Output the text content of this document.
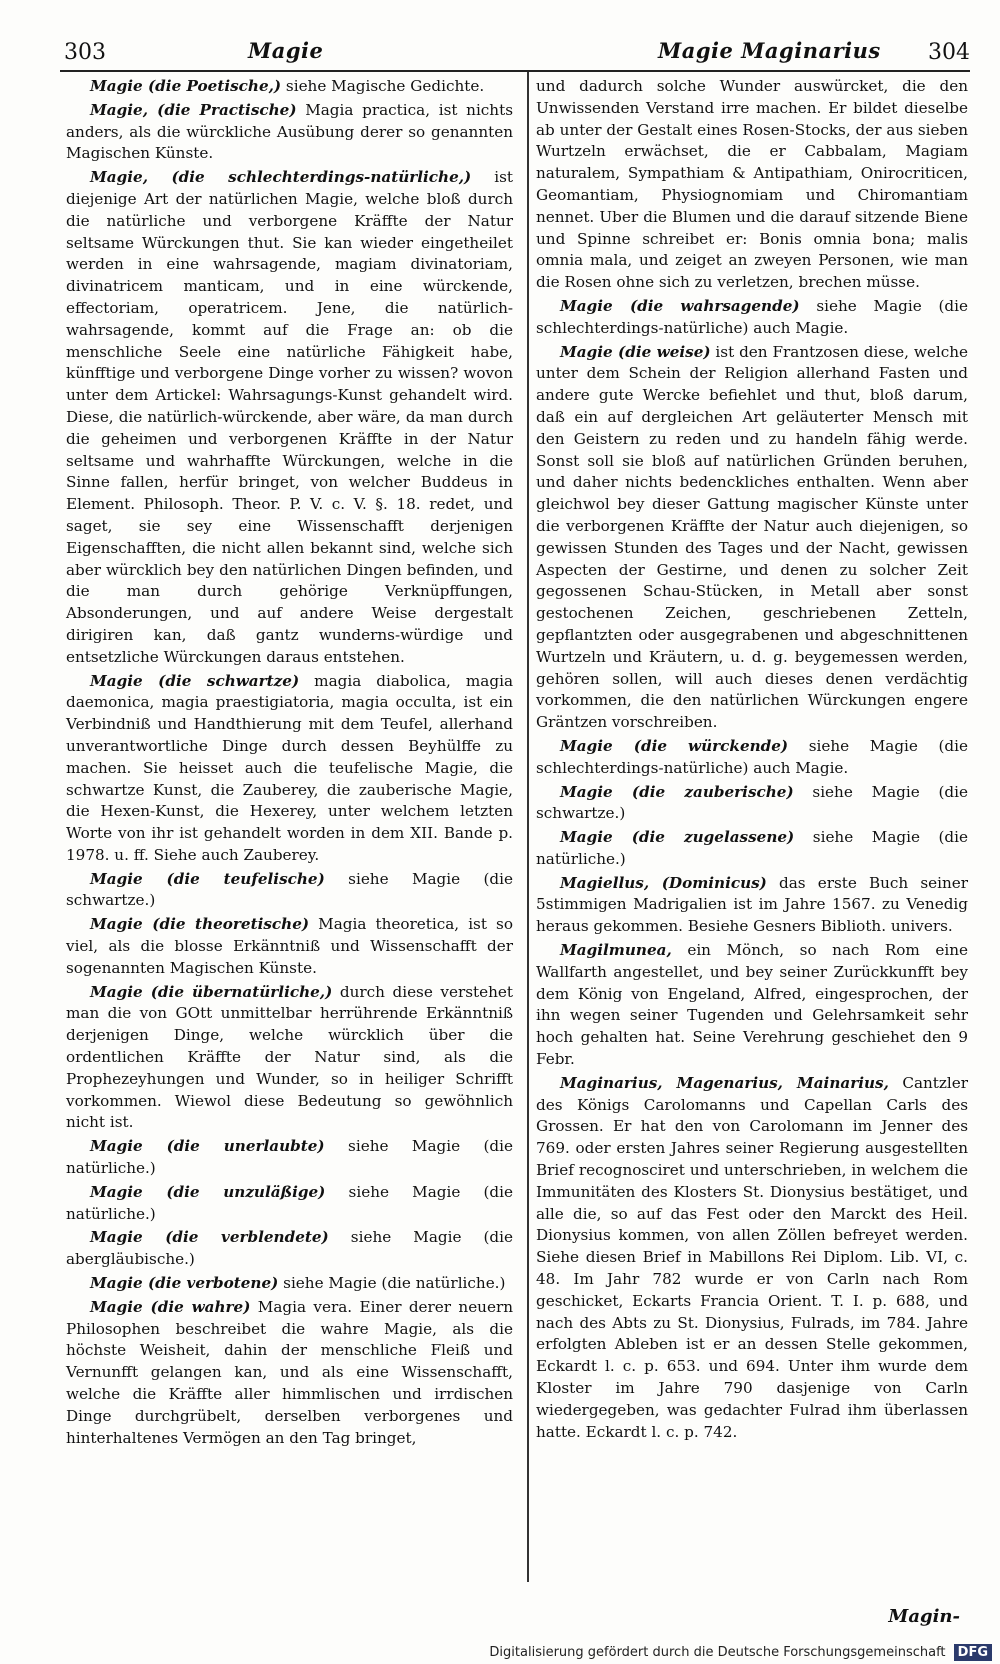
303	Magie	Magie Maginarius 304

Magie (die Poetische,) siehe Magische Gedichte.

Magie, (die Practische) Magia practica, ist nichts anders, als die würckliche Ausübung derer so genannten Magischen Künste.

Magie, (die schlechterdings-natürliche,) ist diejenige Art der natürlichen Magie, welche bloß durch die natürliche und verborgene Kräffte der Natur seltsame Würckungen thut. Sie kan wieder eingetheilet werden in eine wahrsagende, magiam divinatoriam, divinatricem manticam, und in eine würckende, effectoriam, operatricem. Jene, die natürlich-wahrsagende, kommt auf die Frage an: ob die menschliche Seele eine natürliche Fähigkeit habe, künfftige und verborgene Dinge vorher zu wissen? wovon unter dem Artickel: Wahrsagungs-Kunst gehandelt wird. Diese, die natürlich-würckende, aber wäre, da man durch die geheimen und verborgenen Kräffte in der Natur seltsame und wahrhaffte Würckungen, welche in die Sinne fallen, herfür bringet, von welcher Buddeus in Element. Philosoph. Theor. P. V. c. V. §. 18. redet, und saget, sie sey eine Wissenschafft derjenigen Eigenschafften, die nicht allen bekannt sind, welche sich aber würcklich bey den natürlichen Dingen befinden, und die man durch gehörige Verknüpffungen, Absonderungen, und auf andere Weise dergestalt dirigiren kan, daß gantz wunderns-würdige und entsetzliche Würckungen daraus entstehen.

Magie (die schwartze) magia diabolica, magia daemonica, magia praestigiatoria, magia occulta, ist ein Verbindniß und Handthierung mit dem Teufel, allerhand unverantwortliche Dinge durch dessen Beyhülffe zu machen. Sie heisset auch die teufelische Magie, die schwartze Kunst, die Zauberey, die zauberische Magie, die Hexen-Kunst, die Hexerey, unter welchem letzten Worte von ihr ist gehandelt worden in dem XII. Bande p. 1978. u. ff. Siehe auch Zauberey.

Magie (die teufelische) siehe Magie (die schwartze.)

Magie (die theoretische) Magia theoretica, ist so viel, als die blosse Erkänntniß und Wissenschafft der sogenannten Magischen Künste.

Magie (die übernatürliche,) durch diese verstehet man die von GOtt unmittelbar herrührende Erkänntniß derjenigen Dinge, welche würcklich über die ordentlichen Kräffte der Natur sind, als die Prophezeyhungen und Wunder, so in heiliger Schrifft vorkommen. Wiewol diese Bedeutung so gewöhnlich nicht ist.

Magie (die unerlaubte) siehe Magie (die natürliche.)

Magie (die unzuläßige) siehe Magie (die natürliche.)

Magie (die verblendete) siehe Magie (die abergläubische.)

Magie (die verbotene) siehe Magie (die natürliche.)

Magie (die wahre) Magia vera. Einer derer neuern Philosophen beschreibet die wahre Magie, als die höchste Weisheit, dahin der menschliche Fleiß und Vernunfft gelangen kan, und als eine Wissenschafft, welche die Kräffte aller himmlischen und irrdischen Dinge durchgrübelt, derselben verborgenes und hinterhaltenes Vermögen an den Tag bringet,

und dadurch solche Wunder auswürcket, die den Unwissenden Verstand irre machen. Er bildet dieselbe ab unter der Gestalt eines Rosen-Stocks, der aus sieben Wurtzeln erwächset, die er Cabbalam, Magiam naturalem, Sympathiam & Antipathiam, Onirocriticen, Geomantiam, Physiognomiam und Chiromantiam nennet. Uber die Blumen und die darauf sitzende Biene und Spinne schreibet er: Bonis omnia bona; malis omnia mala, und zeiget an zweyen Personen, wie man die Rosen ohne sich zu verletzen, brechen müsse.

Magie (die wahrsagende) siehe Magie (die schlechterdings-natürliche) auch Magie.

Magie (die weise) ist den Frantzosen diese, welche unter dem Schein der Religion allerhand Fasten und andere gute Wercke befiehlet und thut, bloß darum, daß ein auf dergleichen Art geläuterter Mensch mit den Geistern zu reden und zu handeln fähig werde. Sonst soll sie bloß auf natürlichen Gründen beruhen, und daher nichts bedenckliches enthalten. Wenn aber gleichwol bey dieser Gattung magischer Künste unter die verborgenen Kräffte der Natur auch diejenigen, so gewissen Stunden des Tages und der Nacht, gewissen Aspecten der Gestirne, und denen zu solcher Zeit gegossenen Schau-Stücken, in Metall aber sonst gestochenen Zeichen, geschriebenen Zetteln, gepflantzten oder ausgegrabenen und abgeschnittenen Wurtzeln und Kräutern, u. d. g. beygemessen werden, gehören sollen, will auch dieses denen verdächtig vorkommen, die den natürlichen Würckungen engere Gräntzen vorschreiben.

Magie (die würckende) siehe Magie (die schlechterdings-natürliche) auch Magie.

Magie (die zauberische) siehe Magie (die schwartze.)

Magie (die zugelassene) siehe Magie (die natürliche.)

Magiellus, (Dominicus) das erste Buch seiner 5stimmigen Madrigalien ist im Jahre 1567. zu Venedig heraus gekommen. Besiehe Gesners Biblioth. univers.

Magilmunea, ein Mönch, so nach Rom eine Wallfarth angestellet, und bey seiner Zurückkunfft bey dem König von Engeland, Alfred, eingesprochen, der ihn wegen seiner Tugenden und Gelehrsamkeit sehr hoch gehalten hat. Seine Verehrung geschiehet den 9 Febr.

Maginarius, Magenarius, Mainarius, Cantzler des Königs Carolomanns und Capellan Carls des Grossen. Er hat den von Carolomann im Jenner des 769. oder ersten Jahres seiner Regierung ausgestellten Brief recognosciret und unterschrieben, in welchem die Immunitäten des Klosters St. Dionysius bestätiget, und alle die, so auf das Fest oder den Marckt des Heil. Dionysius kommen, von allen Zöllen befreyet werden. Siehe diesen Brief in Mabillons Rei Diplom. Lib. VI, c. 48. Im Jahr 782 wurde er von Carln nach Rom geschicket, Eckarts Francia Orient. T. I. p. 688, und nach des Abts zu St. Dionysius, Fulrads, im 784. Jahre erfolgten Ableben ist er an dessen Stelle gekommen, Eckardt l. c. p. 653. und 694. Unter ihm wurde dem Kloster im Jahre 790 dasjenige von Carln wiedergegeben, was gedachter Fulrad ihm überlassen hatte. Eckardt l. c. p. 742.

Magin-
Digitalisierung gefördert durch die Deutsche Forschungsgemeinschaft DFG
